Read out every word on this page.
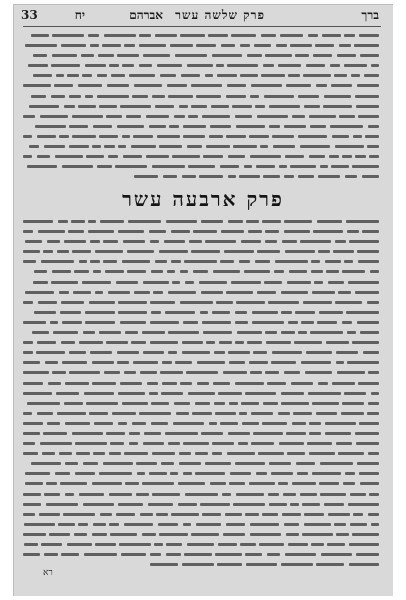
ברך
פרק שלשה עשר
אברהם
יח
33
פרק ארבעה עשר
רא
